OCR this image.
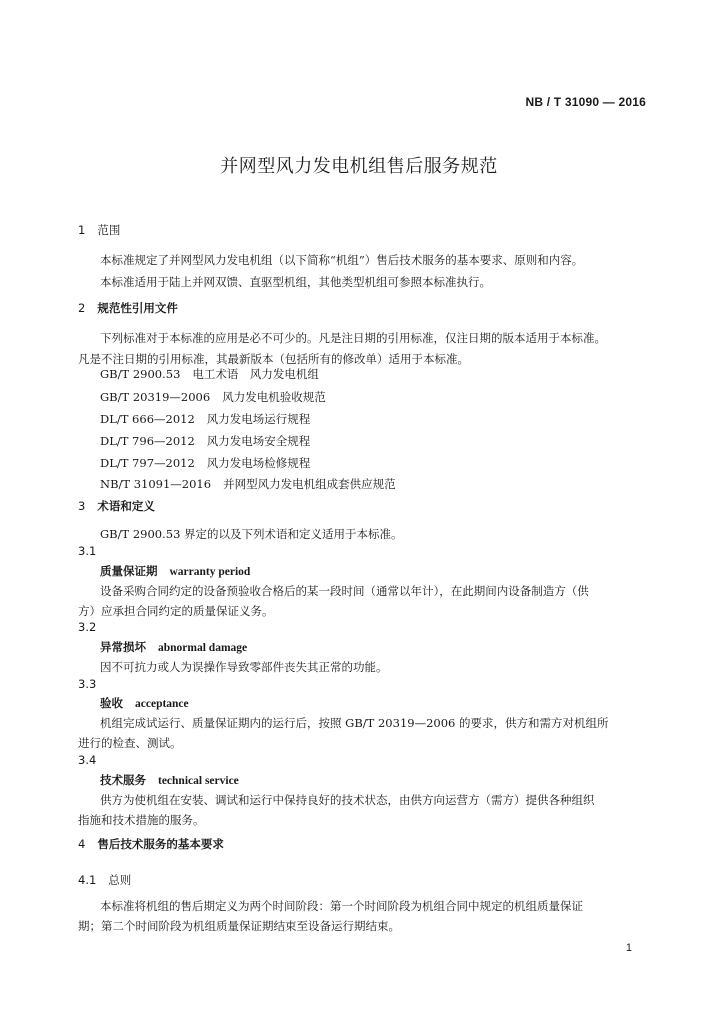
NB / T 31090 — 2016
并网型风力发电机组售后服务规范
1 范围
本标准规定了并网型风力发电机组（以下简称“机组”）售后技术服务的基本要求、原则和内容。
本标准适用于陆上并网双馈、直驱型机组，其他类型机组可参照本标准执行。
2 规范性引用文件
下列标准对于本标准的应用是必不可少的。凡是注日期的引用标准，仅注日期的版本适用于本标准。
凡是不注日期的引用标准，其最新版本（包括所有的修改单）适用于本标准。
GB/T 2900.53 电工术语　风力发电机组
GB/T 20319—2006 风力发电机验收规范
DL/T 666—2012 风力发电场运行规程
DL/T 796—2012 风力发电场安全规程
DL/T 797—2012 风力发电场检修规程
NB/T 31091—2016 并网型风力发电机组成套供应规范
3 术语和定义
GB/T 2900.53 界定的以及下列术语和定义适用于本标准。
3.1
质量保证期 warranty period
设备采购合同约定的设备预验收合格后的某一段时间（通常以年计），在此期间内设备制造方（供
方）应承担合同约定的质量保证义务。
3.2
异常损坏 abnormal damage
因不可抗力或人为误操作导致零部件丧失其正常的功能。
3.3
验收 acceptance
机组完成试运行、质量保证期内的运行后，按照 GB/T 20319—2006 的要求，供方和需方对机组所
进行的检查、测试。
3.4
技术服务 technical service
供方为使机组在安装、调试和运行中保持良好的技术状态，由供方向运营方（需方）提供各种组织
指施和技术措施的服务。
4 售后技术服务的基本要求
4.1 总则
本标准将机组的售后期定义为两个时间阶段：第一个时间阶段为机组合同中规定的机组质量保证
期；第二个时间阶段为机组质量保证期结束至设备运行期结束。
1
